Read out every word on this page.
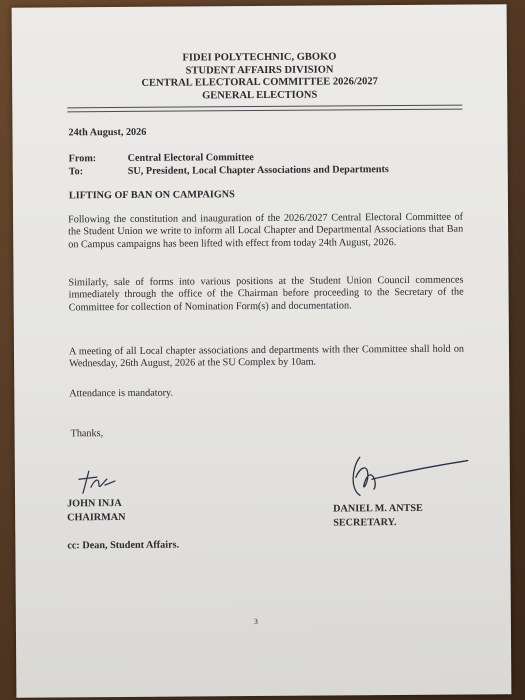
FIDEI POLYTECHNIC, GBOKO
STUDENT AFFAIRS DIVISION
CENTRAL ELECTORAL COMMITTEE 2026/2027
GENERAL ELECTIONS
24th August, 2026
From:	Central Electoral Committee
To:	SU, President, Local Chapter Associations and Departments
LIFTING OF BAN ON CAMPAIGNS

Following the constitution and inauguration of the 2026/2027 Central Electoral Committee of the Student Union we write to inform all Local Chapter and Departmental Associations that Ban on Campus campaigns has been lifted with effect from today 24th August, 2026.

Similarly, sale of forms into various positions at the Student Union Council commences immediately through the office of the Chairman before proceeding to the Secretary of the Committee for collection of Nomination Form(s) and documentation.

A meeting of all Local chapter associations and departments with ther Committee shall hold on Wednesday, 26th August, 2026 at the SU Complex by 10am.

Attendance is mandatory.

Thanks,
JOHN INJA
CHAIRMAN
DANIEL M. ANTSE
SECRETARY.
cc: Dean, Student Affairs.
3
